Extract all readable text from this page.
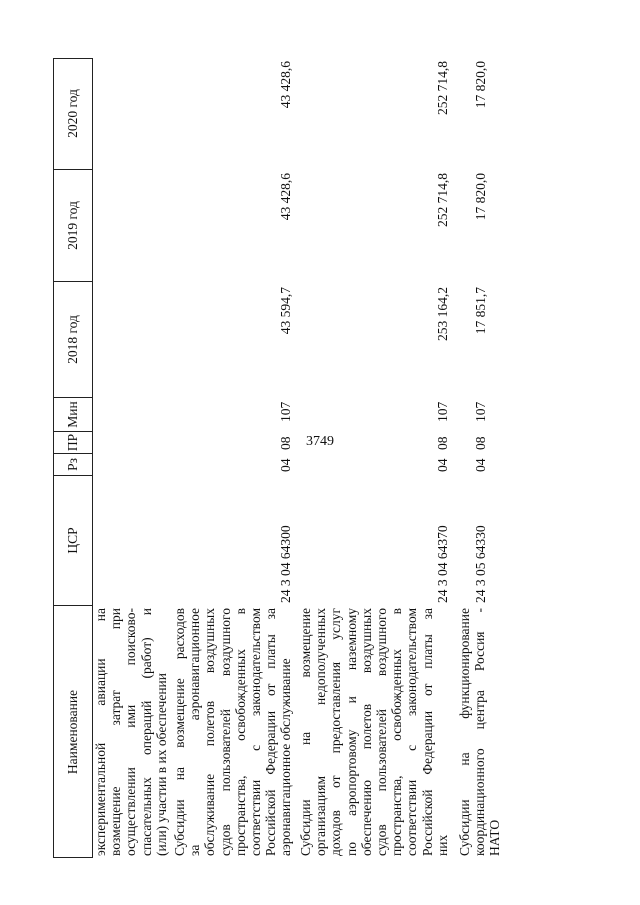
3749
Наименование
ЦСР
Рз
ПР
Мин
2018 год
2019 год
2020 год
экспериментальной авиации на возмещение затрат при осуществлении ими поисково- спасательных операций (работ) и (или) участии в их обеспечении Субсидии на возмещение расходов за аэронавигационное обслуживание полетов воздушных судов пользователей воздушного пространства, освобожденных в соответствии с законодательством Российской Федерации от платы за аэронавигационное обслуживание
24 3 04 64300
04
08
107
43 594,7
43 428,6
43 428,6
Субсидии на возмещение организациям недополученных доходов от предоставления услуг по аэропортовому и наземному обеспечению полетов воздушных судов пользователей воздушного пространства, освобожденных в соответствии с законодательством Российской Федерации от платы за них
24 3 04 64370
04
08
107
253 164,2
252 714,8
252 714,8
Субсидии на функционирование координационного центра Россия - НАТО
24 3 05 64330
04
08
107
17 851,7
17 820,0
17 820,0
